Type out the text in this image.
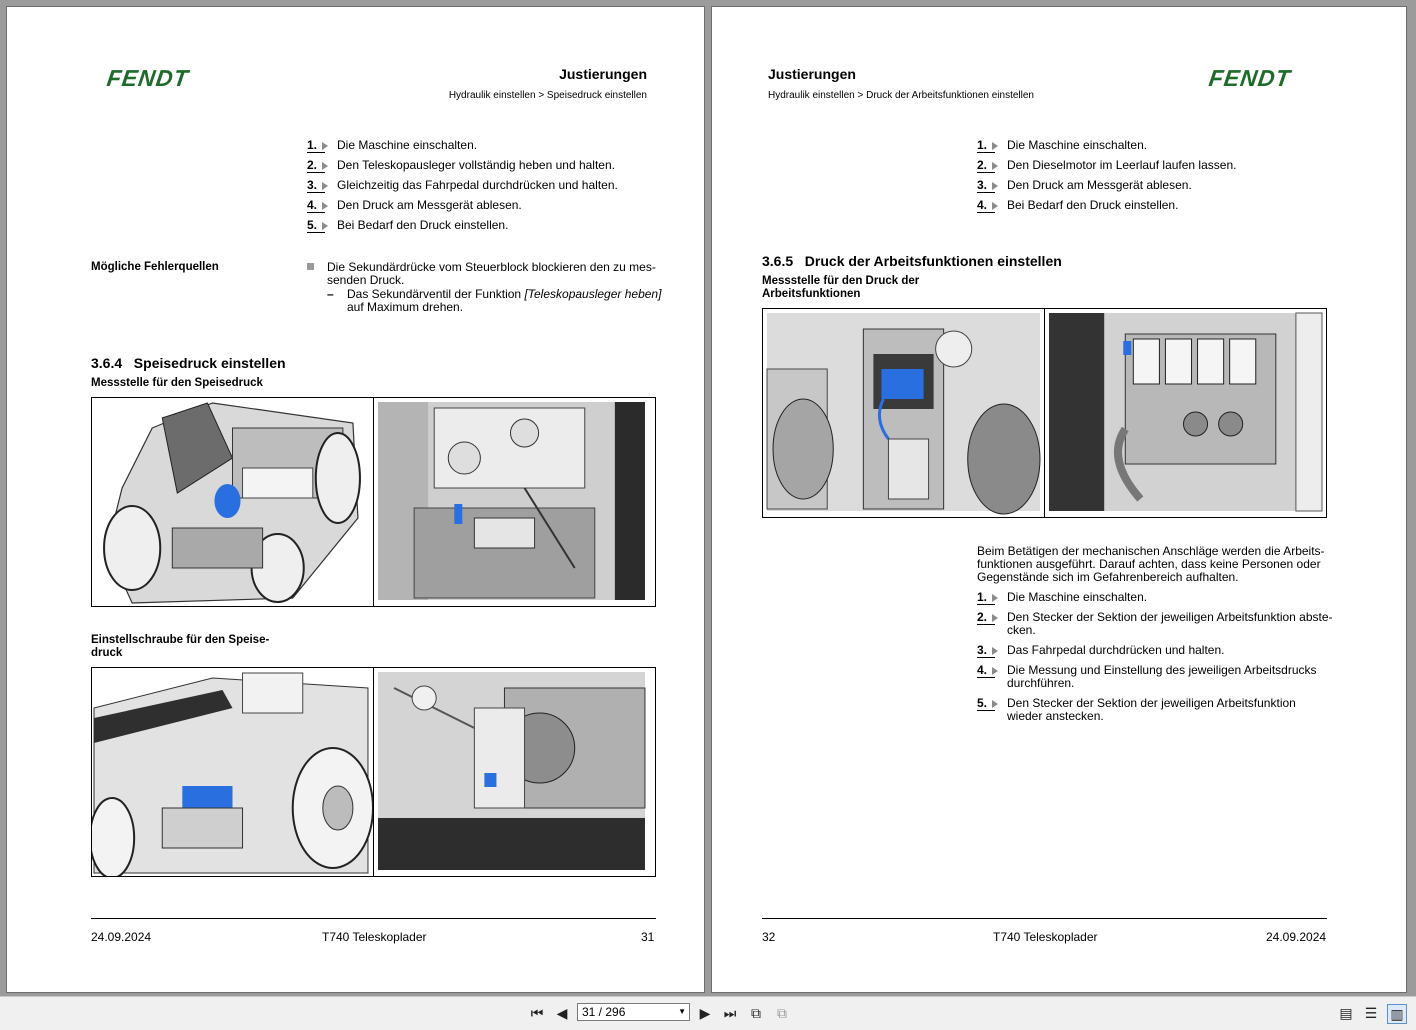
FENDT	Justierungen
Hydraulik einstellen > Speisedruck einstellen
1.	Die Maschine einschalten.
2.	Den Teleskopausleger vollständig heben und halten.
3.	Gleichzeitig das Fahrpedal durchdrücken und halten.
4.	Den Druck am Messgerät ablesen.
5.	Bei Bedarf den Druck einstellen.
Mögliche Fehlerquellen	Die Sekundärdrücke vom Steuerblock blockieren den zu mes-
senden Druck.
– Das Sekundärventil der Funktion [Teleskopausleger heben]
auf Maximum drehen.
3.6.4   Speisedruck einstellen
Messstelle für den Speisedruck
Einstellschraube für den Speise-
druck
24.09.2024	T740 Teleskoplader	31
Justierungen
Hydraulik einstellen > Druck der Arbeitsfunktionen einstellen
FENDT
1.	Die Maschine einschalten.
2.	Den Dieselmotor im Leerlauf laufen lassen.
3.	Den Druck am Messgerät ablesen.
4.	Bei Bedarf den Druck einstellen.
3.6.5   Druck der Arbeitsfunktionen einstellen
Messstelle für den Druck der
Arbeitsfunktionen
Beim Betätigen der mechanischen Anschläge werden die Arbeits-
funktionen ausgeführt. Darauf achten, dass keine Personen oder
Gegenstände sich im Gefahrenbereich aufhalten.
1.	Die Maschine einschalten.
2.	Den Stecker der Sektion der jeweiligen Arbeitsfunktion abste-
cken.
3.	Das Fahrpedal durchdrücken und halten.
4.	Die Messung und Einstellung des jeweiligen Arbeitsdrucks
durchführen.
5.	Den Stecker der Sektion der jeweiligen Arbeitsfunktion
wieder anstecken.
32	T740 Teleskoplader	24.09.2024
⏮ ◀	31 / 296	▼ ▶ ⏭ ⧉ ⧉	▤ ☰ ▥
